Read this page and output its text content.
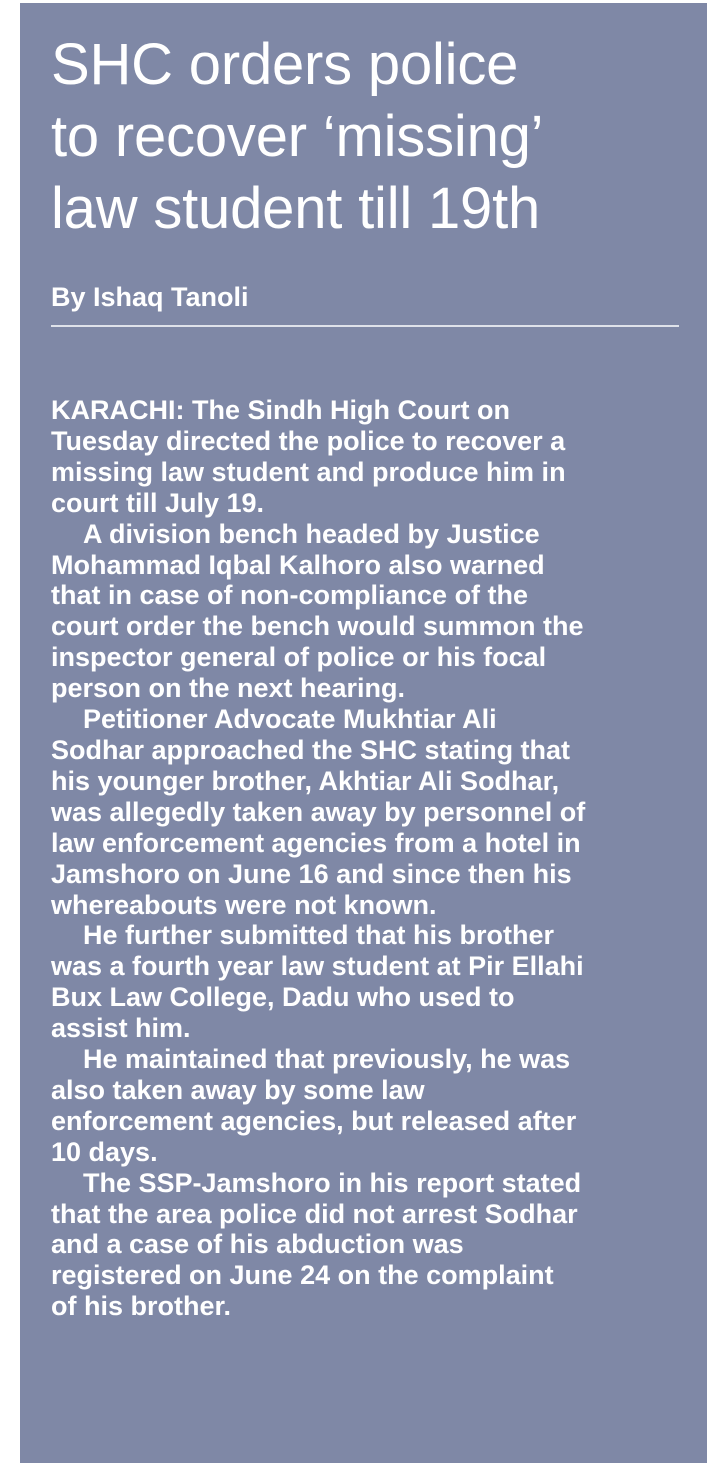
SHC orders police
to recover ‘missing’
law student till 19th
By Ishaq Tanoli

KARACHI: The Sindh High Court on

Tuesday directed the police to recover a

missing law student and produce him in

court till July 19.

A division bench headed by Justice

Mohammad Iqbal Kalhoro also warned

that in case of non-compliance of the

court order the bench would summon the

inspector general of police or his focal

person on the next hearing.

Petitioner Advocate Mukhtiar Ali

Sodhar approached the SHC stating that

his younger brother, Akhtiar Ali Sodhar,

was allegedly taken away by personnel of

law enforcement agencies from a hotel in

Jamshoro on June 16 and since then his

whereabouts were not known.

He further submitted that his brother

was a fourth year law student at Pir Ellahi

Bux Law College, Dadu who used to

assist him.

He maintained that previously, he was

also taken away by some law

enforcement agencies, but released after

10 days.

The SSP-Jamshoro in his report stated

that the area police did not arrest Sodhar

and a case of his abduction was

registered on June 24 on the complaint

of his brother.
